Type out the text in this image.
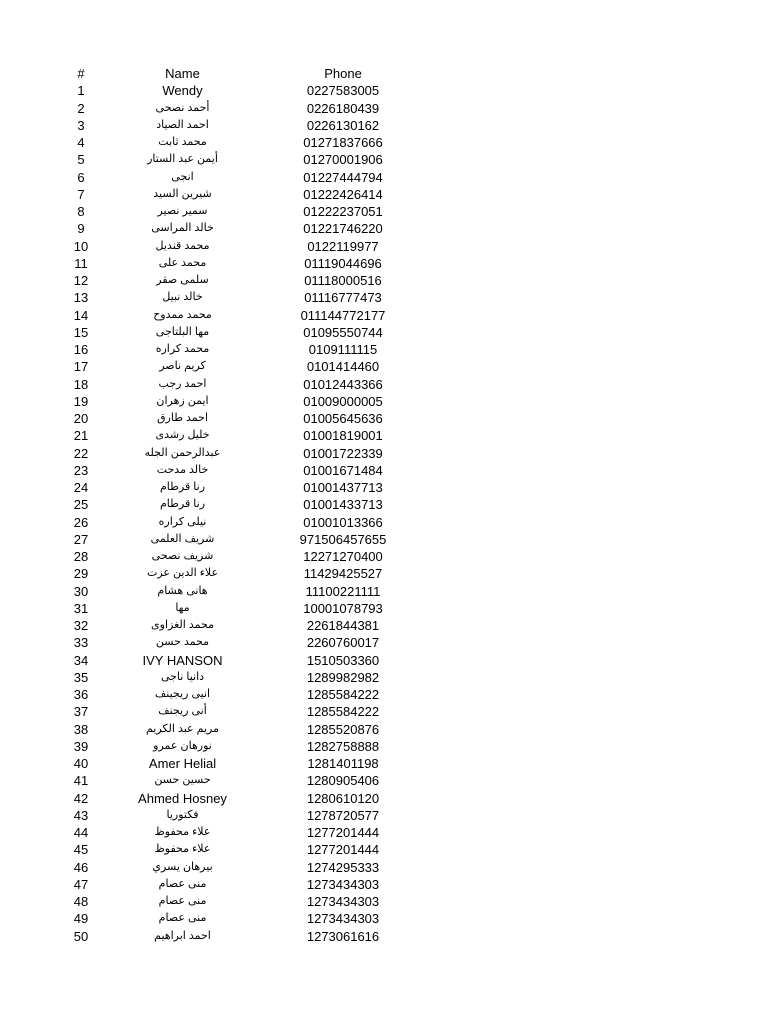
#	Name	Phone
1	Wendy	0227583005
2	أحمد نصحى	0226180439
3	احمد الصياد	0226130162
4	محمد ثابت	01271837666
5	أيمن عبد الستار	01270001906
6	انجى	01227444794
7	شيرين السيد	01222426414
8	سمير نصير	01222237051
9	خالد المراسى	01221746220
10	محمد قنديل	0122119977
11	محمد على	01119044696
12	سلمى صقر	01118000516
13	خالد نبيل	01116777473
14	محمد ممدوح	011144772177
15	مها البلتاجى	01095550744
16	محمد كراره	0109111115
17	كريم ناصر	0101414460
18	احمد رجب	01012443366
19	ايمن زهران	01009000005
20	احمد طارق	01005645636
21	خليل رشدى	01001819001
22	عبدالرحمن الجله	01001722339
23	خالد مدحت	01001671484
24	رنا قرطام	01001437713
25	رنا قرطام	01001433713
26	نيلى كراره	01001013366
27	شريف العلمى	971506457655
28	شريف نصحى	12271270400
29	علاء الدين عزت	11429425527
30	هانى هشام	11100221111
31	مها	10001078793
32	محمد الغزاوى	2261844381
33	محمد حسن	2260760017
34	IVY HANSON	1510503360
35	دانيا ناجى	1289982982
36	انيى ريجينف	1285584222
37	أنى ريجنف	1285584222
38	مريم عبد الكريم	1285520876
39	نورهان عمرو	1282758888
40	Amer Helial	1281401198
41	حسين حسن	1280905406
42	Ahmed Hosney	1280610120
43	فكتوريا	1278720577
44	علاء محفوظ	1277201444
45	علاء محفوظ	1277201444
46	بيرهان يسري	1274295333
47	منى عصام	1273434303
48	منى عصام	1273434303
49	منى عصام	1273434303
50	احمد ابراهيم	1273061616
